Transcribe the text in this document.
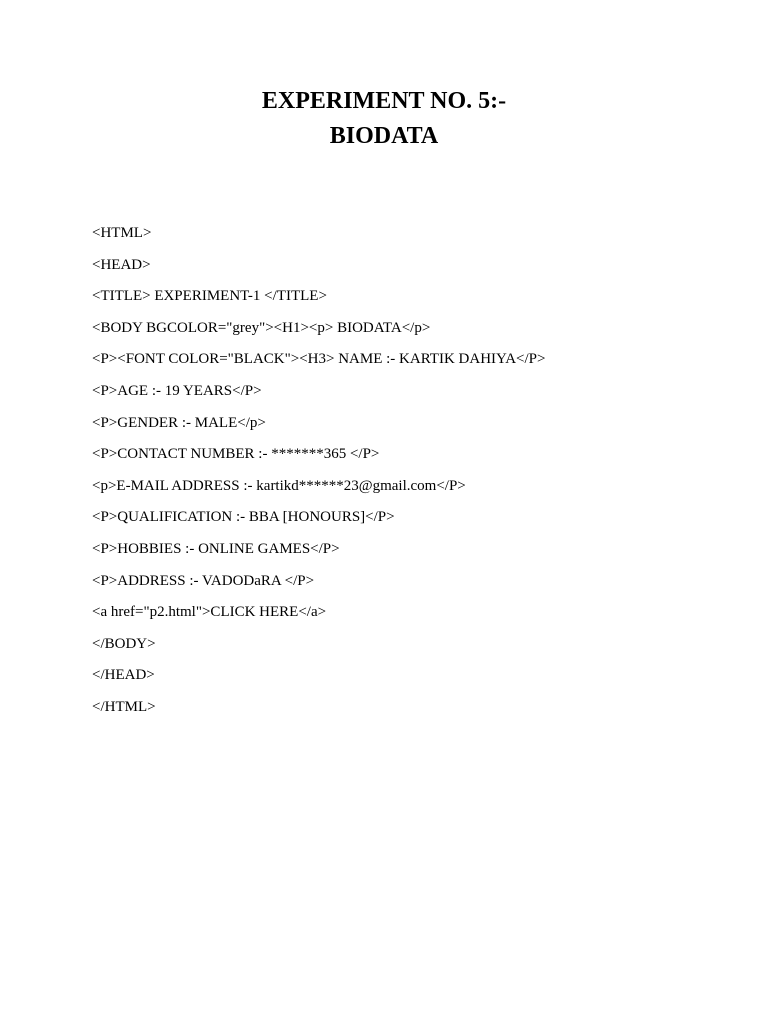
EXPERIMENT NO. 5:-

BIODATA

<HTML>

<HEAD>

<TITLE> EXPERIMENT-1 </TITLE>

<BODY BGCOLOR="grey"><H1><p> BIODATA</p>

<P><FONT COLOR="BLACK"><H3> NAME :- KARTIK DAHIYA</P>

<P>AGE :- 19 YEARS</P>

<P>GENDER :- MALE</p>

<P>CONTACT NUMBER :- *******365 </P>

<p>E-MAIL ADDRESS :- kartikd******23@gmail.com</P>

<P>QUALIFICATION :- BBA [HONOURS]</P>

<P>HOBBIES :- ONLINE GAMES</P>

<P>ADDRESS :- VADODaRA </P>

<a href="p2.html">CLICK HERE</a>

</BODY>

</HEAD>

</HTML>
